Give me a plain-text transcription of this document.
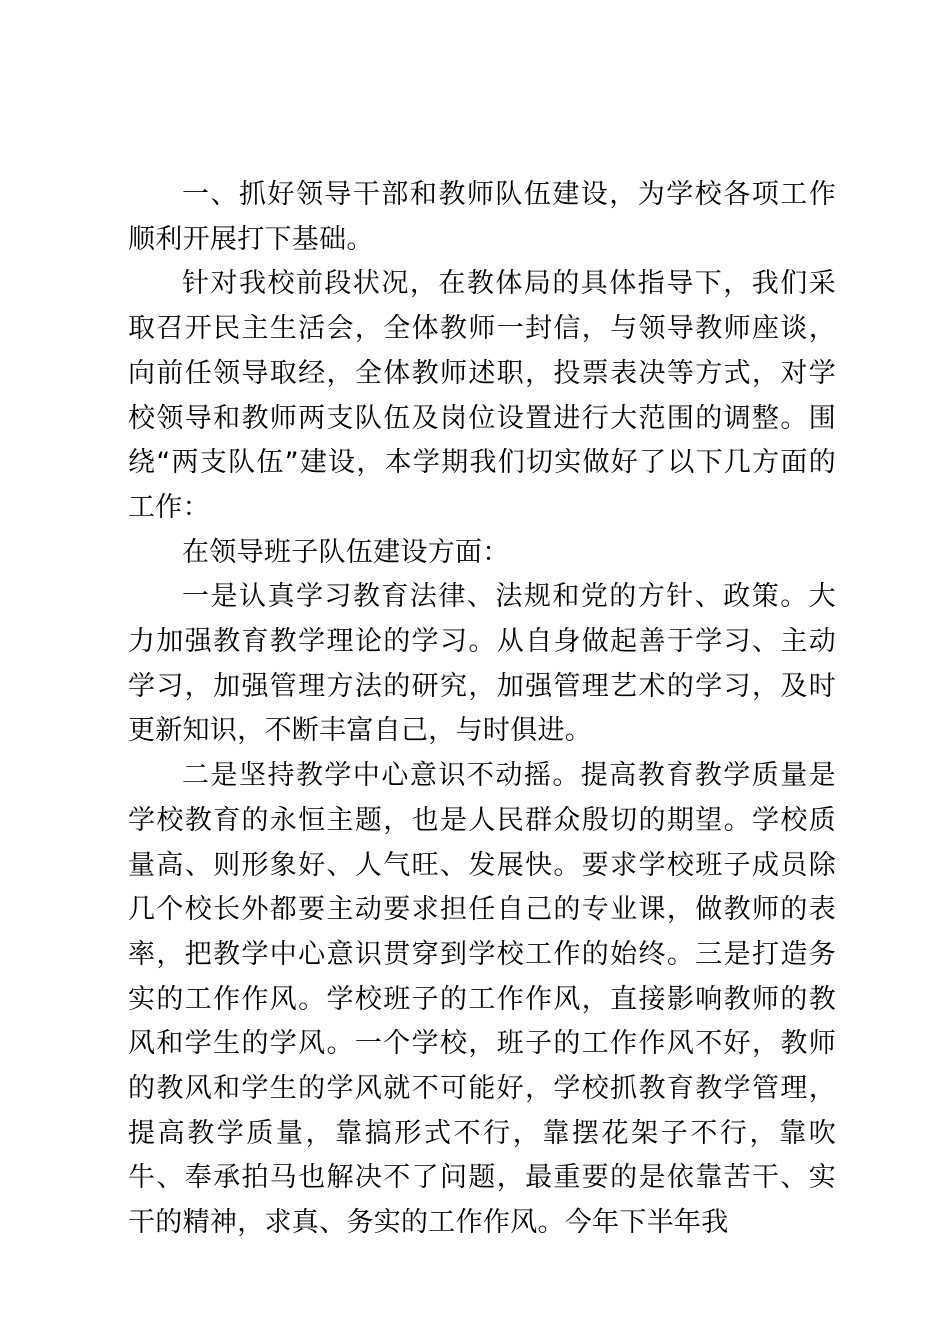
一、抓好领导干部和教师队伍建设，为学校各项工作顺利开展打下基础。

针对我校前段状况，在教体局的具体指导下，我们采取召开民主生活会，全体教师一封信，与领导教师座谈，向前任领导取经，全体教师述职，投票表决等方式，对学校领导和教师两支队伍及岗位设置进行大范围的调整。围绕“两支队伍”建设，本学期我们切实做好了以下几方面的工作：

在领导班子队伍建设方面：

一是认真学习教育法律、法规和党的方针、政策。大力加强教育教学理论的学习。从自身做起善于学习、主动学习，加强管理方法的研究，加强管理艺术的学习，及时更新知识，不断丰富自己，与时俱进。

二是坚持教学中心意识不动摇。提高教育教学质量是学校教育的永恒主题，也是人民群众殷切的期望。学校质量高、则形象好、人气旺、发展快。要求学校班子成员除几个校长外都要主动要求担任自己的专业课，做教师的表率，把教学中心意识贯穿到学校工作的始终。三是打造务实的工作作风。学校班子的工作作风，直接影响教师的教风和学生的学风。一个学校，班子的工作作风不好，教师的教风和学生的学风就不可能好，学校抓教育教学管理，提高教学质量，靠搞形式不行，靠摆花架子不行，靠吹牛、奉承拍马也解决不了问题，最重要的是依靠苦干、实干的精神，求真、务实的工作作风。今年下半年我
